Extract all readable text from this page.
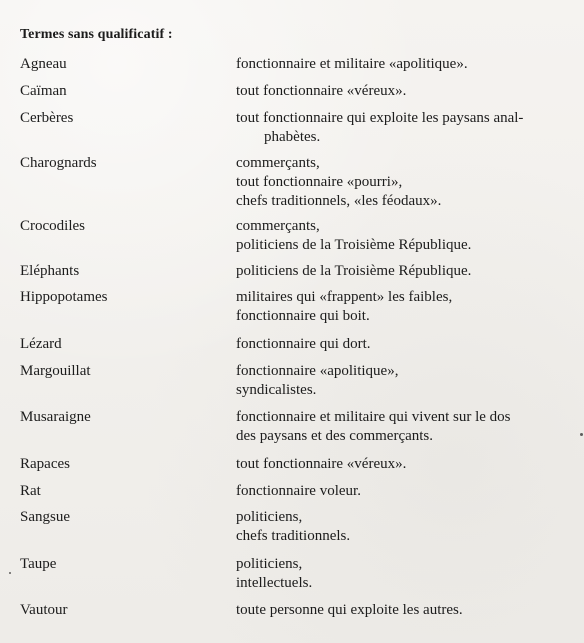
Termes sans qualificatif :
Agneau	fonctionnaire et militaire «apolitique».
Caïman	tout fonctionnaire «véreux».
Cerbères	tout fonctionnaire qui exploite les paysans anal-
phabètes.
Charognards	commerçants,
tout fonctionnaire «pourri»,
chefs traditionnels, «les féodaux».
Crocodiles	commerçants,
politiciens de la Troisième République.
Eléphants	politiciens de la Troisième République.
Hippopotames	militaires qui «frappent» les faibles,
fonctionnaire qui boit.
Lézard	fonctionnaire qui dort.
Margouillat	fonctionnaire «apolitique»,
syndicalistes.
Musaraigne	fonctionnaire et militaire qui vivent sur le dos
des paysans et des commerçants.
Rapaces	tout fonctionnaire «véreux».
Rat	fonctionnaire voleur.
Sangsue	politiciens,
chefs traditionnels.
Taupe	politiciens,
intellectuels.
Vautour	toute personne qui exploite les autres.
